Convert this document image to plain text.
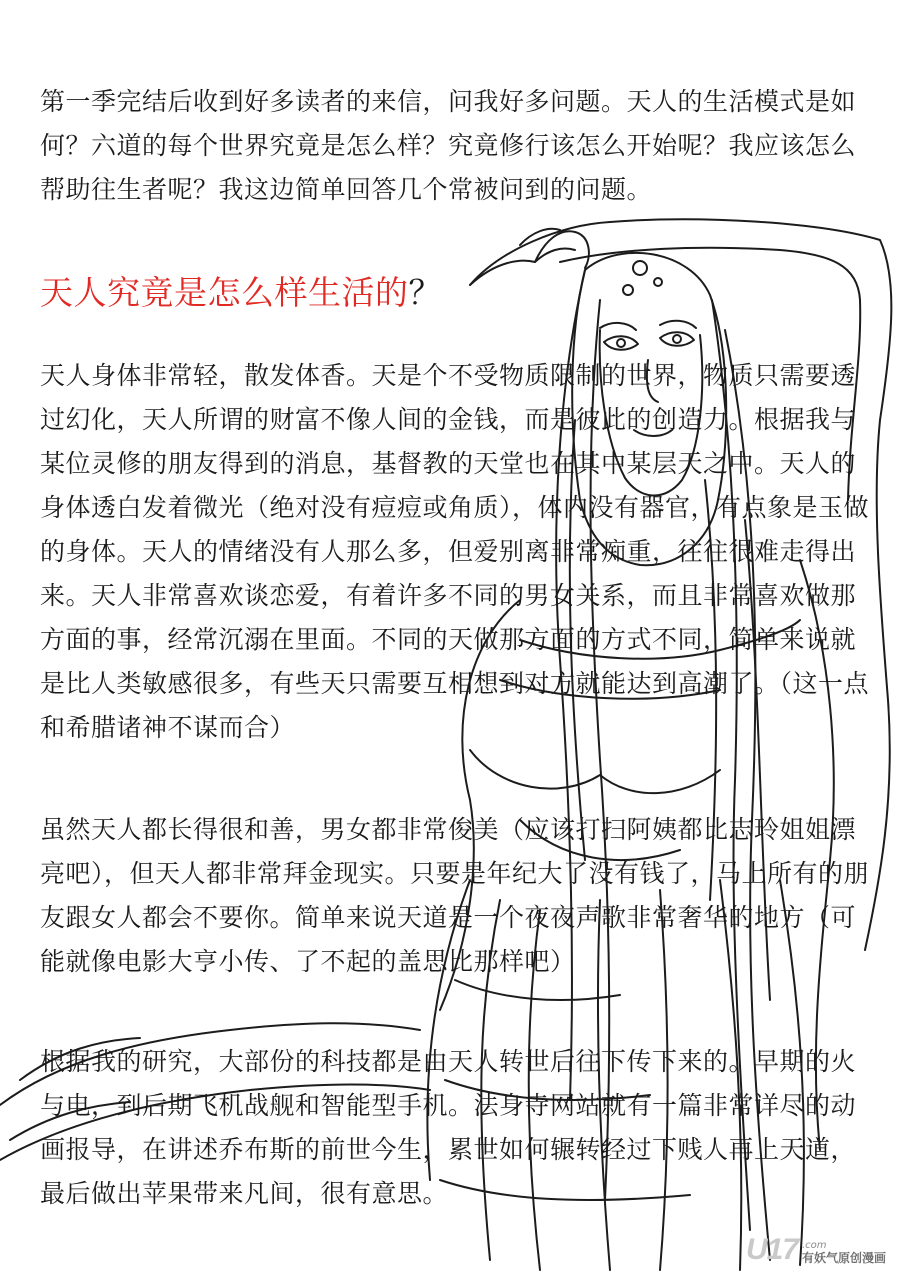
第一季完结后收到好多读者的来信，问我好多问题。天人的生活模式是如何？六道的每个世界究竟是怎么样？究竟修行该怎么开始呢？我应该怎么帮助往生者呢？我这边简单回答几个常被问到的问题。

天人究竟是怎么样生活的？

天人身体非常轻，散发体香。天是个不受物质限制的世界，物质只需要透过幻化，天人所谓的财富不像人间的金钱，而是彼此的创造力。根据我与某位灵修的朋友得到的消息，基督教的天堂也在其中某层天之中。天人的身体透白发着微光（绝对没有痘痘或角质），体内没有器官，有点象是玉做的身体。天人的情绪没有人那么多，但爱别离非常痴重，往往很难走得出来。天人非常喜欢谈恋爱，有着许多不同的男女关系，而且非常喜欢做那方面的事，经常沉溺在里面。不同的天做那方面的方式不同，简单来说就是比人类敏感很多，有些天只需要互相想到对方就能达到高潮了。（这一点和希腊诸神不谋而合）

虽然天人都长得很和善，男女都非常俊美（应该打扫阿姨都比志玲姐姐漂亮吧），但天人都非常拜金现实。只要是年纪大了没有钱了，马上所有的朋友跟女人都会不要你。简单来说天道是一个夜夜声歌非常奢华的地方（可能就像电影大亨小传、了不起的盖思比那样吧）

根据我的研究，大部份的科技都是由天人转世后往下传下来的。早期的火与电，到后期飞机战舰和智能型手机。法身寺网站就有一篇非常详尽的动画报导，在讲述乔布斯的前世今生，累世如何辗转经过下贱人再上天道，最后做出苹果带来凡间，很有意思。

U17 .com
有妖气原创漫画
